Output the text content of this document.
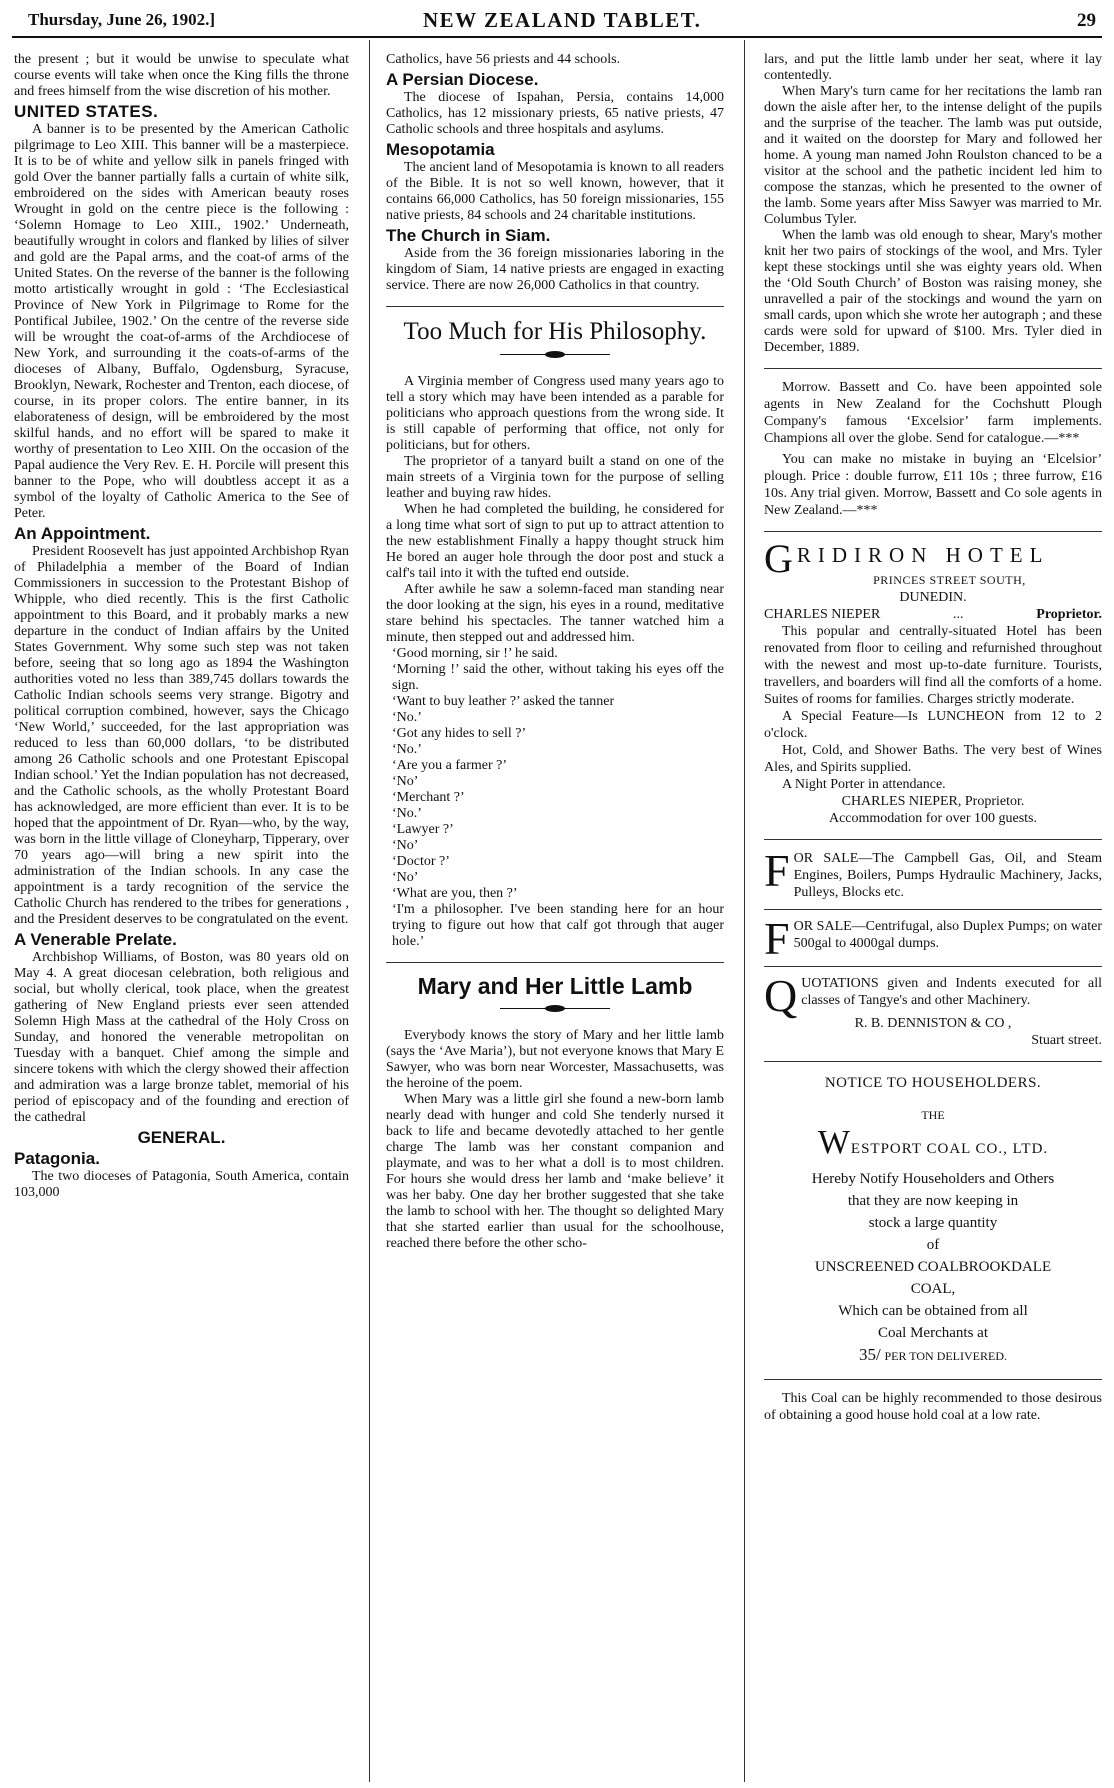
Thursday, June 26, 1902.]	NEW ZEALAND TABLET.	29

the present ; but it would be unwise to speculate what course events will take when once the King fills the throne and frees himself from the wise discretion of his mother.

UNITED STATES.

A banner is to be presented by the American Catholic pilgrimage to Leo XIII. This banner will be a masterpiece. It is to be of white and yellow silk in panels fringed with gold Over the banner partially falls a curtain of white silk, embroidered on the sides with American beauty roses Wrought in gold on the centre piece is the following : ‘Solemn Homage to Leo XIII., 1902.’ Underneath, beautifully wrought in colors and flanked by lilies of silver and gold are the Papal arms, and the coat-of arms of the United States. On the reverse of the banner is the following motto artistically wrought in gold : ‘The Ecclesiastical Province of New York in Pilgrimage to Rome for the Pontifical Jubilee, 1902.’ On the centre of the reverse side will be wrought the coat-of-arms of the Archdiocese of New York, and surrounding it the coats-of-arms of the dioceses of Albany, Buffalo, Ogdensburg, Syracuse, Brooklyn, Newark, Rochester and Trenton, each diocese, of course, in its proper colors. The entire banner, in its elaborateness of design, will be embroidered by the most skilful hands, and no effort will be spared to make it worthy of presentation to Leo XIII. On the occasion of the Papal audience the Very Rev. E. H. Porcile will present this banner to the Pope, who will doubtless accept it as a symbol of the loyalty of Catholic America to the See of Peter.

An Appointment.

President Roosevelt has just appointed Archbishop Ryan of Philadelphia a member of the Board of Indian Commissioners in succession to the Protestant Bishop of Whipple, who died recently. This is the first Catholic appointment to this Board, and it probably marks a new departure in the conduct of Indian affairs by the United States Government. Why some such step was not taken before, seeing that so long ago as 1894 the Washington authorities voted no less than 389,745 dollars towards the Catholic Indian schools seems very strange. Bigotry and political corruption combined, however, says the Chicago ‘New World,’ succeeded, for the last appropriation was reduced to less than 60,000 dollars, ‘to be distributed among 26 Catholic schools and one Protestant Episcopal Indian school.’ Yet the Indian population has not decreased, and the Catholic schools, as the wholly Protestant Board has acknowledged, are more efficient than ever. It is to be hoped that the appointment of Dr. Ryan—who, by the way, was born in the little village of Cloneyharp, Tipperary, over 70 years ago—will bring a new spirit into the administration of the Indian schools. In any case the appointment is a tardy recognition of the service the Catholic Church has rendered to the tribes for generations , and the President deserves to be congratulated on the event.

A Venerable Prelate.

Archbishop Williams, of Boston, was 80 years old on May 4. A great diocesan celebration, both religious and social, but wholly clerical, took place, when the greatest gathering of New England priests ever seen attended Solemn High Mass at the cathedral of the Holy Cross on Sunday, and honored the venerable metropolitan on Tuesday with a banquet. Chief among the simple and sincere tokens with which the clergy showed their affection and admiration was a large bronze tablet, memorial of his period of episcopacy and of the founding and erection of the cathedral

GENERAL.
Patagonia.

The two dioceses of Patagonia, South America, contain 103,000

Catholics, have 56 priests and 44 schools.

A Persian Diocese.

The diocese of Ispahan, Persia, contains 14,000 Catholics, has 12 missionary priests, 65 native priests, 47 Catholic schools and three hospitals and asylums.

Mesopotamia

The ancient land of Mesopotamia is known to all readers of the Bible. It is not so well known, however, that it contains 66,000 Catholics, has 50 foreign missionaries, 155 native priests, 84 schools and 24 charitable institutions.

The Church in Siam.

Aside from the 36 foreign missionaries laboring in the kingdom of Siam, 14 native priests are engaged in exacting service. There are now 26,000 Catholics in that country.

Too Much for His Philosophy.

A Virginia member of Congress used many years ago to tell a story which may have been intended as a parable for politicians who approach questions from the wrong side. It is still capable of performing that office, not only for politicians, but for others.

The proprietor of a tanyard built a stand on one of the main streets of a Virginia town for the purpose of selling leather and buying raw hides.

When he had completed the building, he considered for a long time what sort of sign to put up to attract attention to the new establishment Finally a happy thought struck him He bored an auger hole through the door post and stuck a calf's tail into it with the tufted end outside.

After awhile he saw a solemn-faced man standing near the door looking at the sign, his eyes in a round, meditative stare behind his spectacles. The tanner watched him a minute, then stepped out and addressed him.

‘Good morning, sir !’ he said.

‘Morning !’ said the other, without taking his eyes off the sign.

‘Want to buy leather ?’ asked the tanner

‘No.’

‘Got any hides to sell ?’

‘No.’

‘Are you a farmer ?’

‘No’

‘Merchant ?’

‘No.’

‘Lawyer ?’

‘No’

‘Doctor ?’

‘No’

‘What are you, then ?’

‘I'm a philosopher. I've been standing here for an hour trying to figure out how that calf got through that auger hole.’

Mary and Her Little Lamb

Everybody knows the story of Mary and her little lamb (says the ‘Ave Maria’), but not everyone knows that Mary E Sawyer, who was born near Worcester, Massachusetts, was the heroine of the poem.

When Mary was a little girl she found a new-born lamb nearly dead with hunger and cold She tenderly nursed it back to life and became devotedly attached to her gentle charge The lamb was her constant companion and playmate, and was to her what a doll is to most children. For hours she would dress her lamb and ‘make believe’ it was her baby. One day her brother suggested that she take the lamb to school with her. The thought so delighted Mary that she started earlier than usual for the schoolhouse, reached there before the other scho-

lars, and put the little lamb under her seat, where it lay contentedly.

When Mary's turn came for her recitations the lamb ran down the aisle after her, to the intense delight of the pupils and the surprise of the teacher. The lamb was put outside, and it waited on the doorstep for Mary and followed her home. A young man named John Roulston chanced to be a visitor at the school and the pathetic incident led him to compose the stanzas, which he presented to the owner of the lamb. Some years after Miss Sawyer was married to Mr. Columbus Tyler.

When the lamb was old enough to shear, Mary's mother knit her two pairs of stockings of the wool, and Mrs. Tyler kept these stockings until she was eighty years old. When the ‘Old South Church’ of Boston was raising money, she unravelled a pair of the stockings and wound the yarn on small cards, upon which she wrote her autograph ; and these cards were sold for upward of $100. Mrs. Tyler died in December, 1889.

Morrow. Bassett and Co. have been appointed sole agents in New Zealand for the Cochshutt Plough Company's famous ‘Excelsior’ farm implements. Champions all over the globe. Send for catalogue.—***

You can make no mistake in buying an ‘Elcelsior’ plough. Price : double furrow, £11 10s ; three furrow, £16 10s. Any trial given. Morrow, Bassett and Co sole agents in New Zealand.—***

G RIDIRON HOTEL

PRINCES STREET SOUTH,

DUNEDIN.

CHARLES NIEPER	...	Proprietor.

This popular and centrally-situated Hotel has been renovated from floor to ceiling and refurnished throughout with the newest and most up-to-date furniture. Tourists, travellers, and boarders will find all the comforts of a home. Suites of rooms for families. Charges strictly moderate.

A Special Feature—Is LUNCHEON from 12 to 2 o'clock.

Hot, Cold, and Shower Baths. The very best of Wines Ales, and Spirits supplied.

A Night Porter in attendance.

CHARLES NIEPER, Proprietor.

Accommodation for over 100 guests.

F OR SALE—The Campbell Gas, Oil, and Steam Engines, Boilers, Pumps Hydraulic Machinery, Jacks, Pulleys, Blocks etc.
F OR SALE—Centrifugal, also Duplex Pumps; on water 500gal to 4000gal dumps.
Q UOTATIONS given and Indents executed for all classes of Tangye's and other Machinery.

R. B. DENNISTON & CO ,

Stuart street.

NOTICE TO HOUSEHOLDERS.

THE

WESTPORT COAL CO., LTD.

Hereby Notify Householders and Others

that they are now keeping in

stock a large quantity

of

UNSCREENED COALBROOKDALE

COAL,

Which can be obtained from all

Coal Merchants at

35/ PER TON DELIVERED.

This Coal can be highly recommended to those desirous of obtaining a good house hold coal at a low rate.
